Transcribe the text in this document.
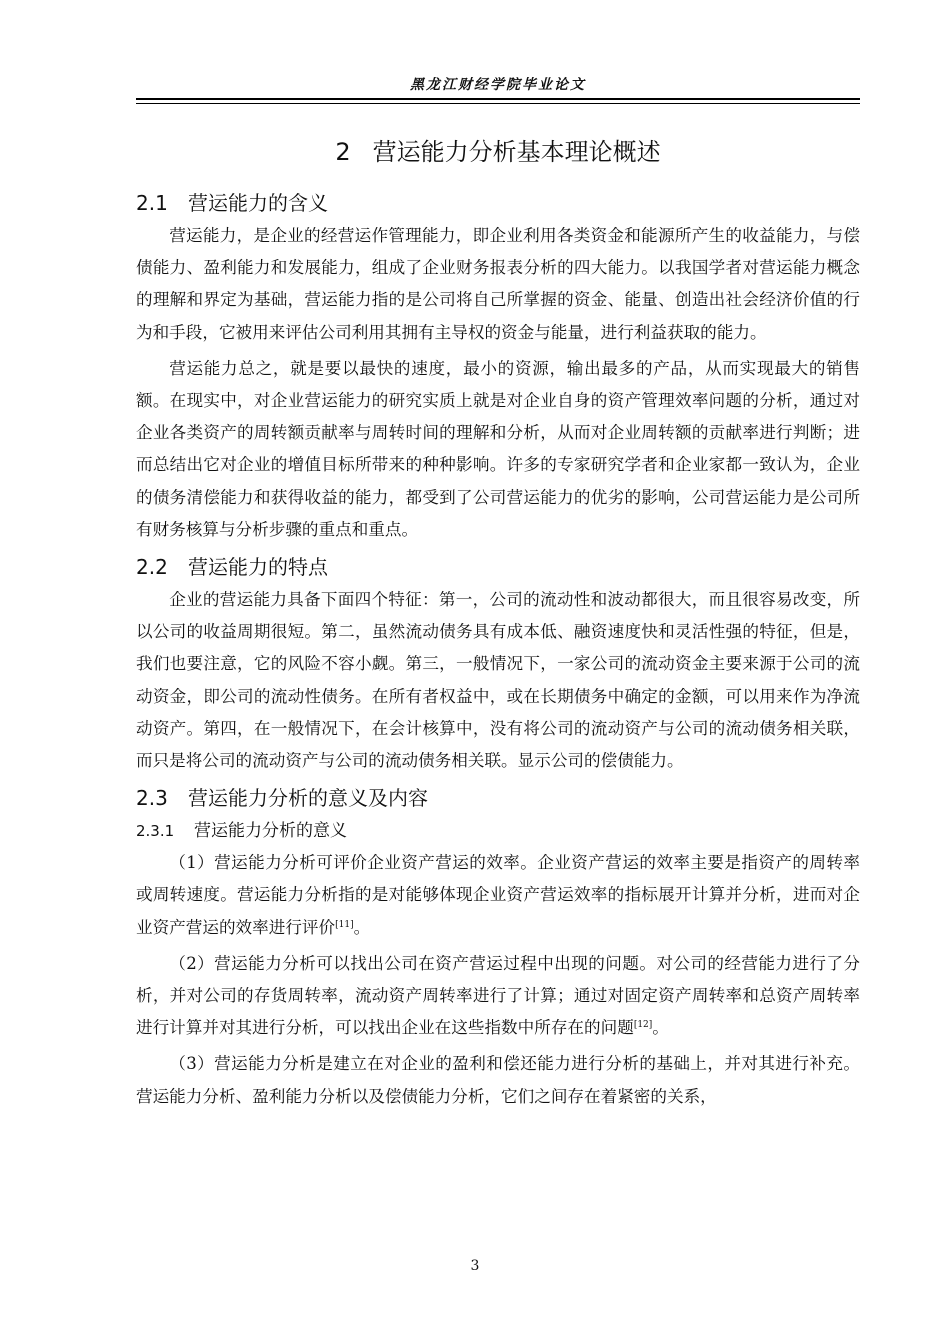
黑龙江财经学院毕业论文
2 营运能力分析基本理论概述
2.1 营运能力的含义

营运能力，是企业的经营运作管理能力，即企业利用各类资金和能源所产生的收益能力，与偿债能力、盈利能力和发展能力，组成了企业财务报表分析的四大能力。以我国学者对营运能力概念的理解和界定为基础，营运能力指的是公司将自己所掌握的资金、能量、创造出社会经济价值的行为和手段，它被用来评估公司利用其拥有主导权的资金与能量，进行利益获取的能力。

营运能力总之，就是要以最快的速度，最小的资源，输出最多的产品，从而实现最大的销售额。在现实中，对企业营运能力的研究实质上就是对企业自身的资产管理效率问题的分析，通过对企业各类资产的周转额贡献率与周转时间的理解和分析，从而对企业周转额的贡献率进行判断；进而总结出它对企业的增值目标所带来的种种影响。许多的专家研究学者和企业家都一致认为，企业的债务清偿能力和获得收益的能力，都受到了公司营运能力的优劣的影响，公司营运能力是公司所有财务核算与分析步骤的重点和重点。

2.2 营运能力的特点

企业的营运能力具备下面四个特征：第一，公司的流动性和波动都很大，而且很容易改变，所以公司的收益周期很短。第二，虽然流动债务具有成本低、融资速度快和灵活性强的特征，但是，我们也要注意，它的风险不容小觑。第三，一般情况下，一家公司的流动资金主要来源于公司的流动资金，即公司的流动性债务。在所有者权益中，或在长期债务中确定的金额，可以用来作为净流动资产。第四，在一般情况下，在会计核算中，没有将公司的流动资产与公司的流动债务相关联，而只是将公司的流动资产与公司的流动债务相关联。显示公司的偿债能力。

2.3 营运能力分析的意义及内容
2.3.1 营运能力分析的意义

（1）营运能力分析可评价企业资产营运的效率。企业资产营运的效率主要是指资产的周转率或周转速度。营运能力分析指的是对能够体现企业资产营运效率的指标展开计算并分析，进而对企业资产营运的效率进行评价[11]。

（2）营运能力分析可以找出公司在资产营运过程中出现的问题。对公司的经营能力进行了分析，并对公司的存货周转率，流动资产周转率进行了计算；通过对固定资产周转率和总资产周转率进行计算并对其进行分析，可以找出企业在这些指数中所存在的问题[12]。

（3）营运能力分析是建立在对企业的盈利和偿还能力进行分析的基础上，并对其进行补充。营运能力分析、盈利能力分析以及偿债能力分析，它们之间存在着紧密的关系，

3
